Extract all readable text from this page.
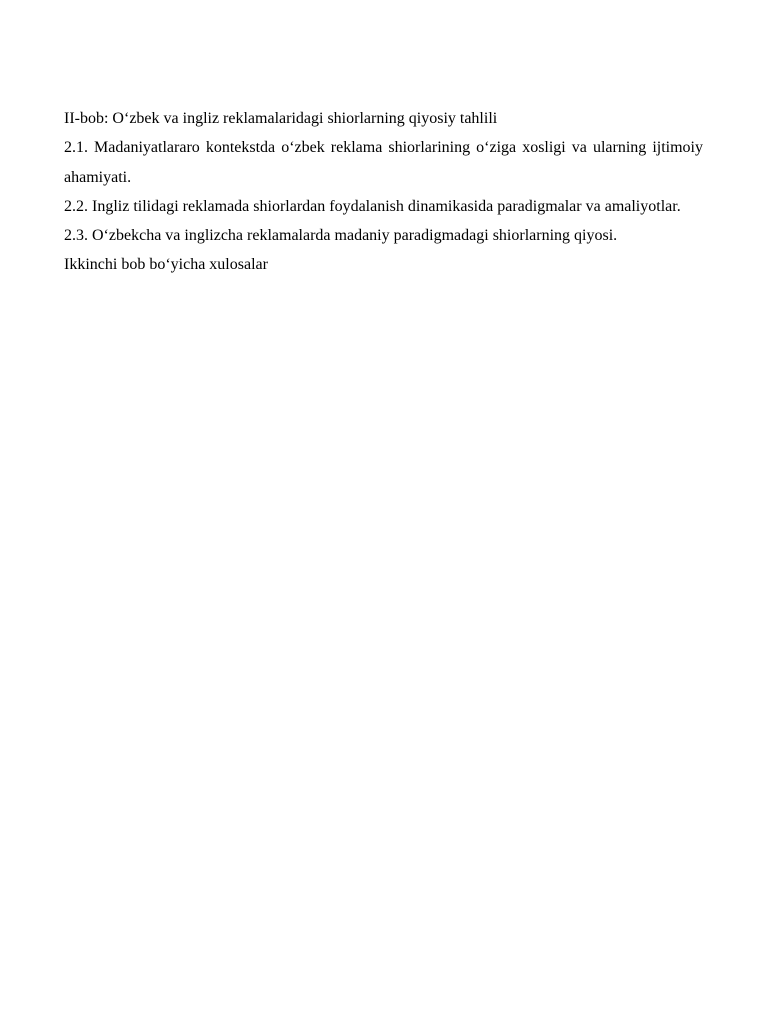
II-bob: O‘zbek va ingliz reklamalaridagi shiorlarning qiyosiy tahlili

2.1. Madaniyatlararo kontekstda o‘zbek reklama shiorlarining o‘ziga xosligi va ularning ijtimoiy ahamiyati.

2.2. Ingliz tilidagi reklamada shiorlardan foydalanish dinamikasida paradigmalar va amaliyotlar.

2.3. O‘zbekcha va inglizcha reklamalarda madaniy paradigmadagi shiorlarning qiyosi.

Ikkinchi bob bo‘yicha xulosalar
